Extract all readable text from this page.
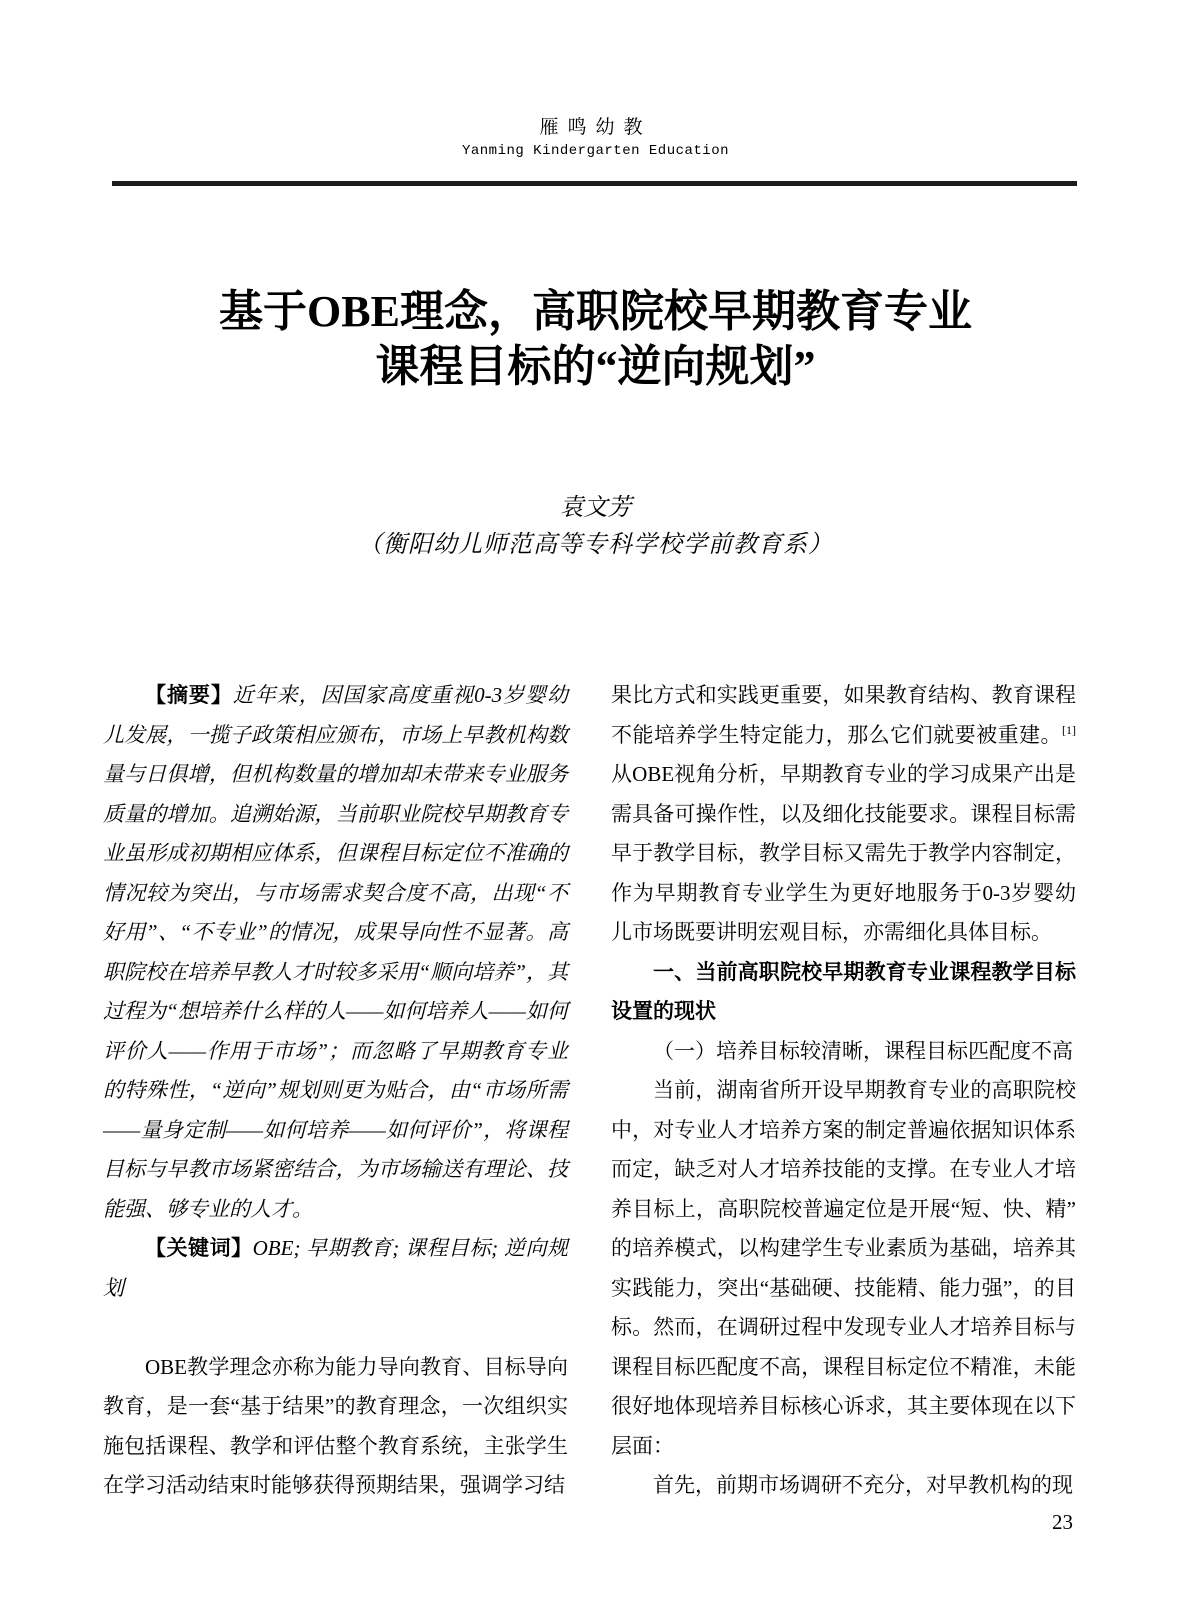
雁鸣幼教
Yanming Kindergarten Education
基于OBE理念，高职院校早期教育专业
课程目标的“逆向规划”
袁文芳
（衡阳幼儿师范高等专科学校学前教育系）

【摘要】近年来，因国家高度重视0-3岁婴幼儿发展，一揽子政策相应颁布，市场上早教机构数量与日俱增，但机构数量的增加却未带来专业服务质量的增加。追溯始源，当前职业院校早期教育专业虽形成初期相应体系，但课程目标定位不准确的情况较为突出，与市场需求契合度不高，出现“不好用”、“不专业”的情况，成果导向性不显著。高职院校在培养早教人才时较多采用“顺向培养”，其过程为“想培养什么样的人——如何培养人——如何评价人——作用于市场”；而忽略了早期教育专业的特殊性，“逆向”规划则更为贴合，由“市场所需——量身定制——如何培养——如何评价”，将课程目标与早教市场紧密结合，为市场输送有理论、技能强、够专业的人才。

【关键词】OBE; 早期教育; 课程目标; 逆向规划

OBE教学理念亦称为能力导向教育、目标导向教育，是一套“基于结果”的教育理念，一次组织实施包括课程、教学和评估整个教育系统，主张学生在学习活动结束时能够获得预期结果，强调学习结

果比方式和实践更重要，如果教育结构、教育课程不能培养学生特定能力，那么它们就要被重建。[1]从OBE视角分析，早期教育专业的学习成果产出是需具备可操作性，以及细化技能要求。课程目标需早于教学目标，教学目标又需先于教学内容制定，作为早期教育专业学生为更好地服务于0-3岁婴幼儿市场既要讲明宏观目标，亦需细化具体目标。

一、当前高职院校早期教育专业课程教学目标设置的现状

（一）培养目标较清晰，课程目标匹配度不高

当前，湖南省所开设早期教育专业的高职院校中，对专业人才培养方案的制定普遍依据知识体系而定，缺乏对人才培养技能的支撑。在专业人才培养目标上，高职院校普遍定位是开展“短、快、精”的培养模式，以构建学生专业素质为基础，培养其实践能力，突出“基础硬、技能精、能力强”，的目标。然而，在调研过程中发现专业人才培养目标与课程目标匹配度不高，课程目标定位不精准，未能很好地体现培养目标核心诉求，其主要体现在以下层面：

首先，前期市场调研不充分，对早教机构的现

23
